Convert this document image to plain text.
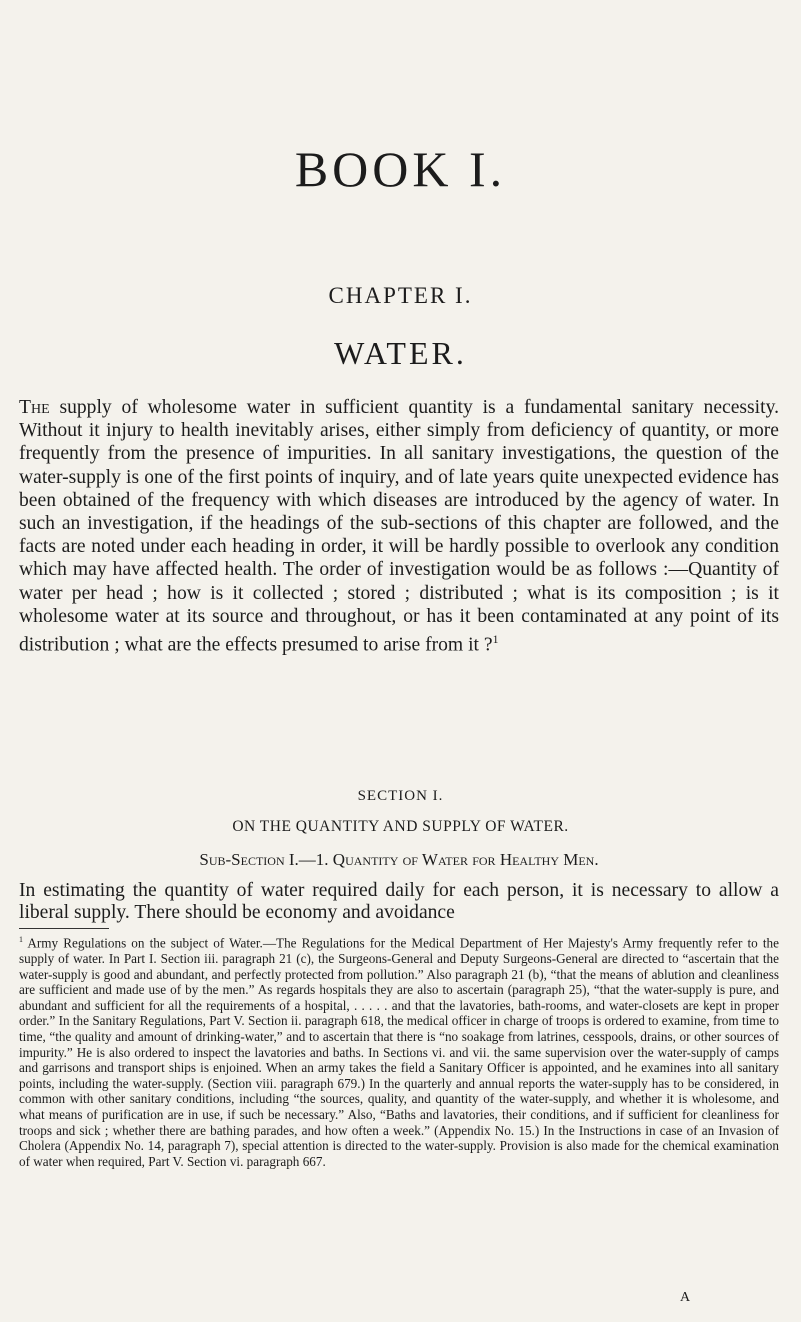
BOOK I.
CHAPTER I.
WATER.

The supply of wholesome water in sufficient quantity is a fundamental sanitary necessity. Without it injury to health inevitably arises, either simply from deficiency of quantity, or more frequently from the presence of impurities. In all sanitary investigations, the question of the water-supply is one of the first points of inquiry, and of late years quite unexpected evidence has been obtained of the frequency with which diseases are introduced by the agency of water. In such an investigation, if the headings of the sub-sections of this chapter are followed, and the facts are noted under each heading in order, it will be hardly possible to overlook any condition which may have affected health. The order of investigation would be as follows :—Quantity of water per head ; how is it collected ; stored ; distributed ; what is its composition ; is it wholesome water at its source and throughout, or has it been contaminated at any point of its distribution ; what are the effects presumed to arise from it ?$^1$

SECTION I.
ON THE QUANTITY AND SUPPLY OF WATER.
Sub-Section I.—1. Quantity of Water for Healthy Men.

In estimating the quantity of water required daily for each person, it is necessary to allow a liberal supply. There should be economy and avoidance

$^1$ Army Regulations on the subject of Water.—The Regulations for the Medical Department of Her Majesty's Army frequently refer to the supply of water. In Part I. Section iii. paragraph 21 (c), the Surgeons-General and Deputy Surgeons-General are directed to “ascertain that the water-supply is good and abundant, and perfectly protected from pollution.” Also paragraph 21 (b), “that the means of ablution and cleanliness are sufficient and made use of by the men.” As regards hospitals they are also to ascertain (paragraph 25), “that the water-supply is pure, and abundant and sufficient for all the requirements of a hospital, . . . . . and that the lavatories, bath-rooms, and water-closets are kept in proper order.” In the Sanitary Regulations, Part V. Section ii. paragraph 618, the medical officer in charge of troops is ordered to examine, from time to time, “the quality and amount of drinking-water,” and to ascertain that there is “no soakage from latrines, cesspools, drains, or other sources of impurity.” He is also ordered to inspect the lavatories and baths. In Sections vi. and vii. the same supervision over the water-supply of camps and garrisons and transport ships is enjoined. When an army takes the field a Sanitary Officer is appointed, and he examines into all sanitary points, including the water-supply. (Section viii. paragraph 679.) In the quarterly and annual reports the water-supply has to be considered, in common with other sanitary conditions, including “the sources, quality, and quantity of the water-supply, and whether it is wholesome, and what means of purification are in use, if such be necessary.” Also, “Baths and lavatories, their conditions, and if sufficient for cleanliness for troops and sick ; whether there are bathing parades, and how often a week.” (Appendix No. 15.) In the Instructions in case of an Invasion of Cholera (Appendix No. 14, paragraph 7), special attention is directed to the water-supply. Provision is also made for the chemical examination of water when required, Part V. Section vi. paragraph 667.

A
